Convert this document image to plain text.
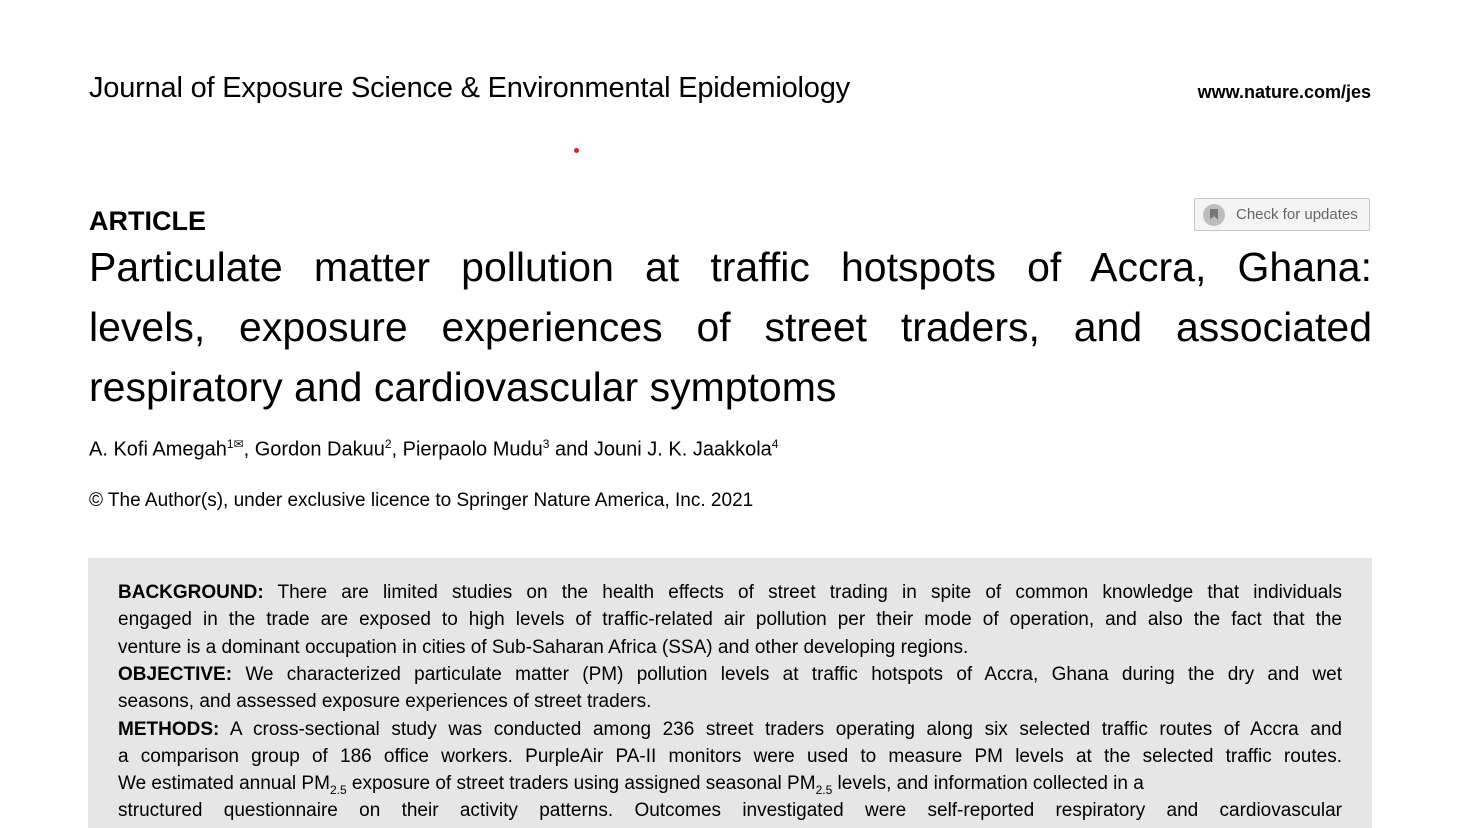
Journal of Exposure Science & Environmental Epidemiology	www.nature.com/jes
Check for updates
ARTICLE
Particulate matter pollution at traffic hotspots of Accra, Ghana:
levels, exposure experiences of street traders, and associated
respiratory and cardiovascular symptoms
A. Kofi Amegah$^{1✉}$, Gordon Dakuu$^2$, Pierpaolo Mudu$^3$ and Jouni J. K. Jaakkola$^4$
© The Author(s), under exclusive licence to Springer Nature America, Inc. 2021
BACKGROUND: There are limited studies on the health effects of street trading in spite of common knowledge that individuals
engaged in the trade are exposed to high levels of traffic-related air pollution per their mode of operation, and also the fact that the
venture is a dominant occupation in cities of Sub-Saharan Africa (SSA) and other developing regions.
OBJECTIVE: We characterized particulate matter (PM) pollution levels at traffic hotspots of Accra, Ghana during the dry and wet
seasons, and assessed exposure experiences of street traders.
METHODS: A cross-sectional study was conducted among 236 street traders operating along six selected traffic routes of Accra and
a comparison group of 186 office workers. PurpleAir PA-II monitors were used to measure PM levels at the selected traffic routes.
We estimated annual $PM_{2.5}$ exposure of street traders using assigned seasonal $PM_{2.5}$ levels, and information collected in a
structured questionnaire on their activity patterns. Outcomes investigated were self-reported respiratory and cardiovascular
